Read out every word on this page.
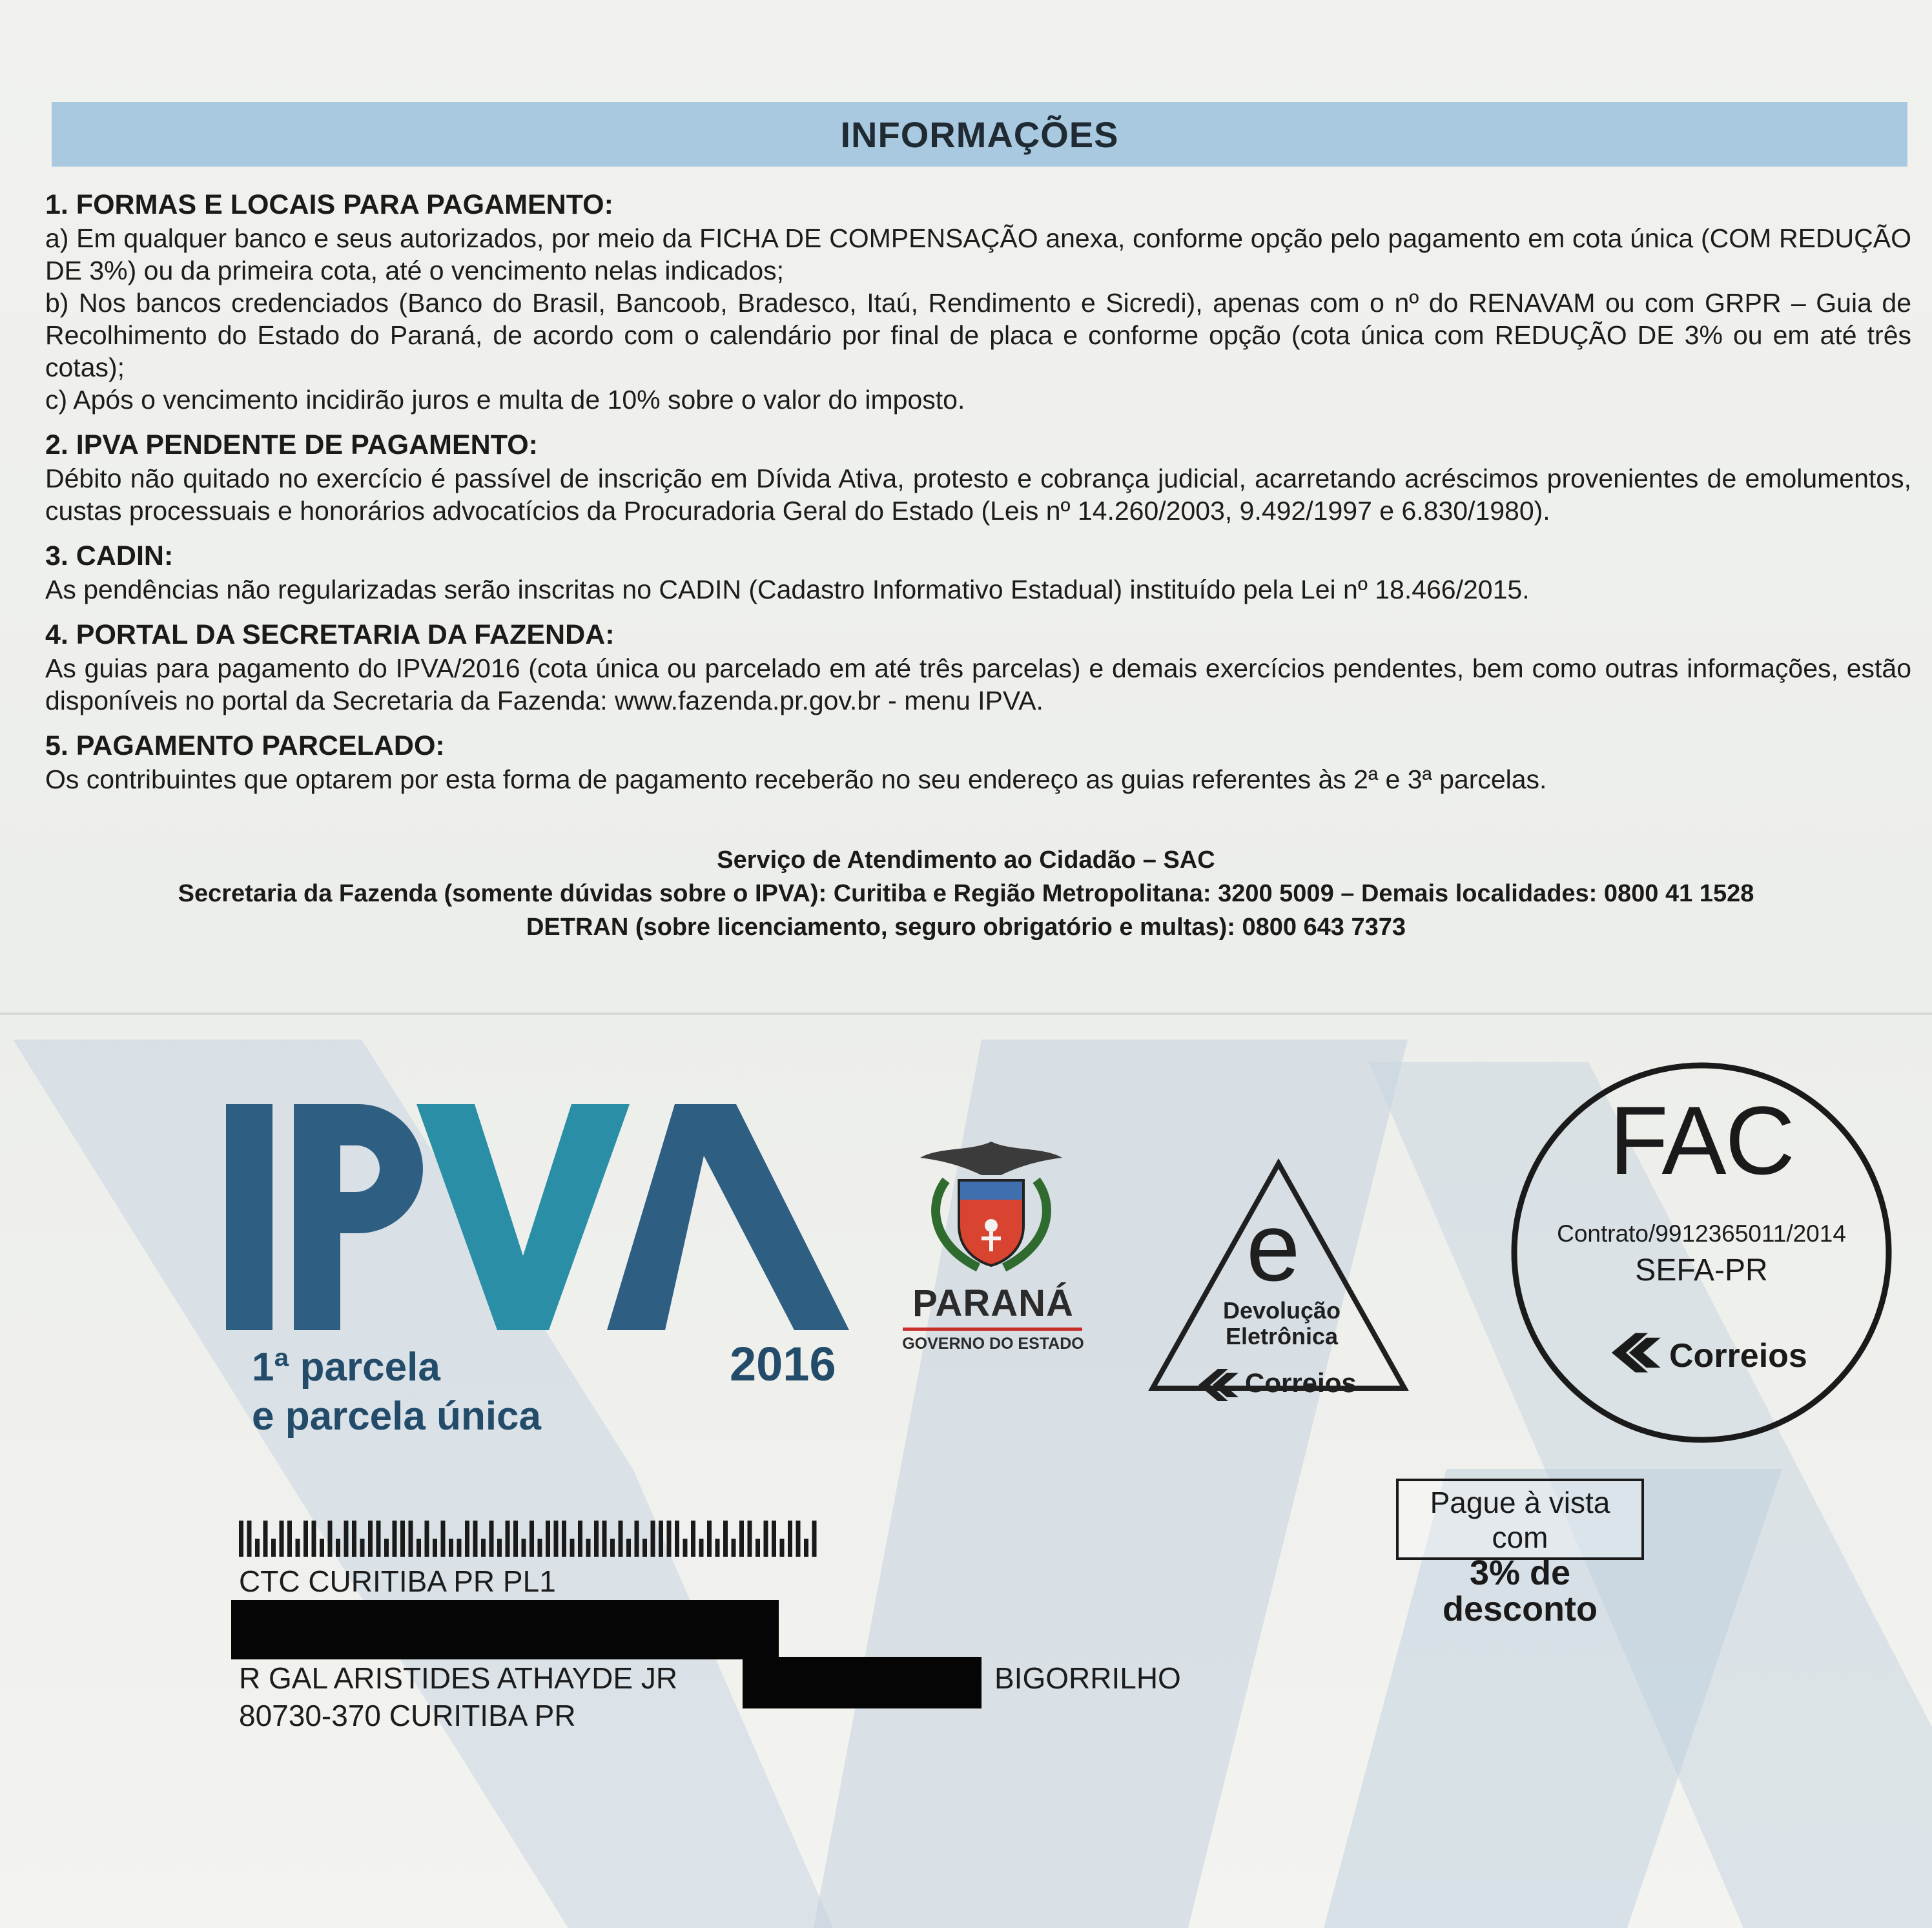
INFORMAÇÕES
1. FORMAS E LOCAIS PARA PAGAMENTO:

a) Em qualquer banco e seus autorizados, por meio da FICHA DE COMPENSAÇÃO anexa, conforme opção pelo pagamento em cota única (COM REDUÇÃO DE 3%) ou da primeira cota, até o vencimento nelas indicados;

b) Nos bancos credenciados (Banco do Brasil, Bancoob, Bradesco, Itaú, Rendimento e Sicredi), apenas com o nº do RENAVAM ou com GRPR – Guia de Recolhimento do Estado do Paraná, de acordo com o calendário por final de placa e conforme opção (cota única com REDUÇÃO DE 3% ou em até três cotas);

c) Após o vencimento incidirão juros e multa de 10% sobre o valor do imposto.

2. IPVA PENDENTE DE PAGAMENTO:

Débito não quitado no exercício é passível de inscrição em Dívida Ativa, protesto e cobrança judicial, acarretando acréscimos provenientes de emolumentos, custas processuais e honorários advocatícios da Procuradoria Geral do Estado (Leis nº 14.260/2003, 9.492/1997 e 6.830/1980).

3. CADIN:

As pendências não regularizadas serão inscritas no CADIN (Cadastro Informativo Estadual) instituído pela Lei nº 18.466/2015.

4. PORTAL DA SECRETARIA DA FAZENDA:

As guias para pagamento do IPVA/2016 (cota única ou parcelado em até três parcelas) e demais exercícios pendentes, bem como outras informações, estão disponíveis no portal da Secretaria da Fazenda: www.fazenda.pr.gov.br - menu IPVA.

5. PAGAMENTO PARCELADO:

Os contribuintes que optarem por esta forma de pagamento receberão no seu endereço as guias referentes às 2ª e 3ª parcelas.

Serviço de Atendimento ao Cidadão – SAC
Secretaria da Fazenda (somente dúvidas sobre o IPVA): Curitiba e Região Metropolitana: 3200 5009 – Demais localidades: 0800 41 1528
DETRAN (sobre licenciamento, seguro obrigatório e multas): 0800 643 7373
1ª parcela
e parcela única
2016
PARANÁ
GOVERNO DO ESTADO
e
Devolução
Eletrônica
Correios
FAC
Contrato/9912365011/2014
SEFA-PR
Correios
Pague à vista com
3% de desconto
CTC CURITIBA PR PL1
R GAL ARISTIDES ATHAYDE JR	BIGORRILHO
80730-370 CURITIBA PR
